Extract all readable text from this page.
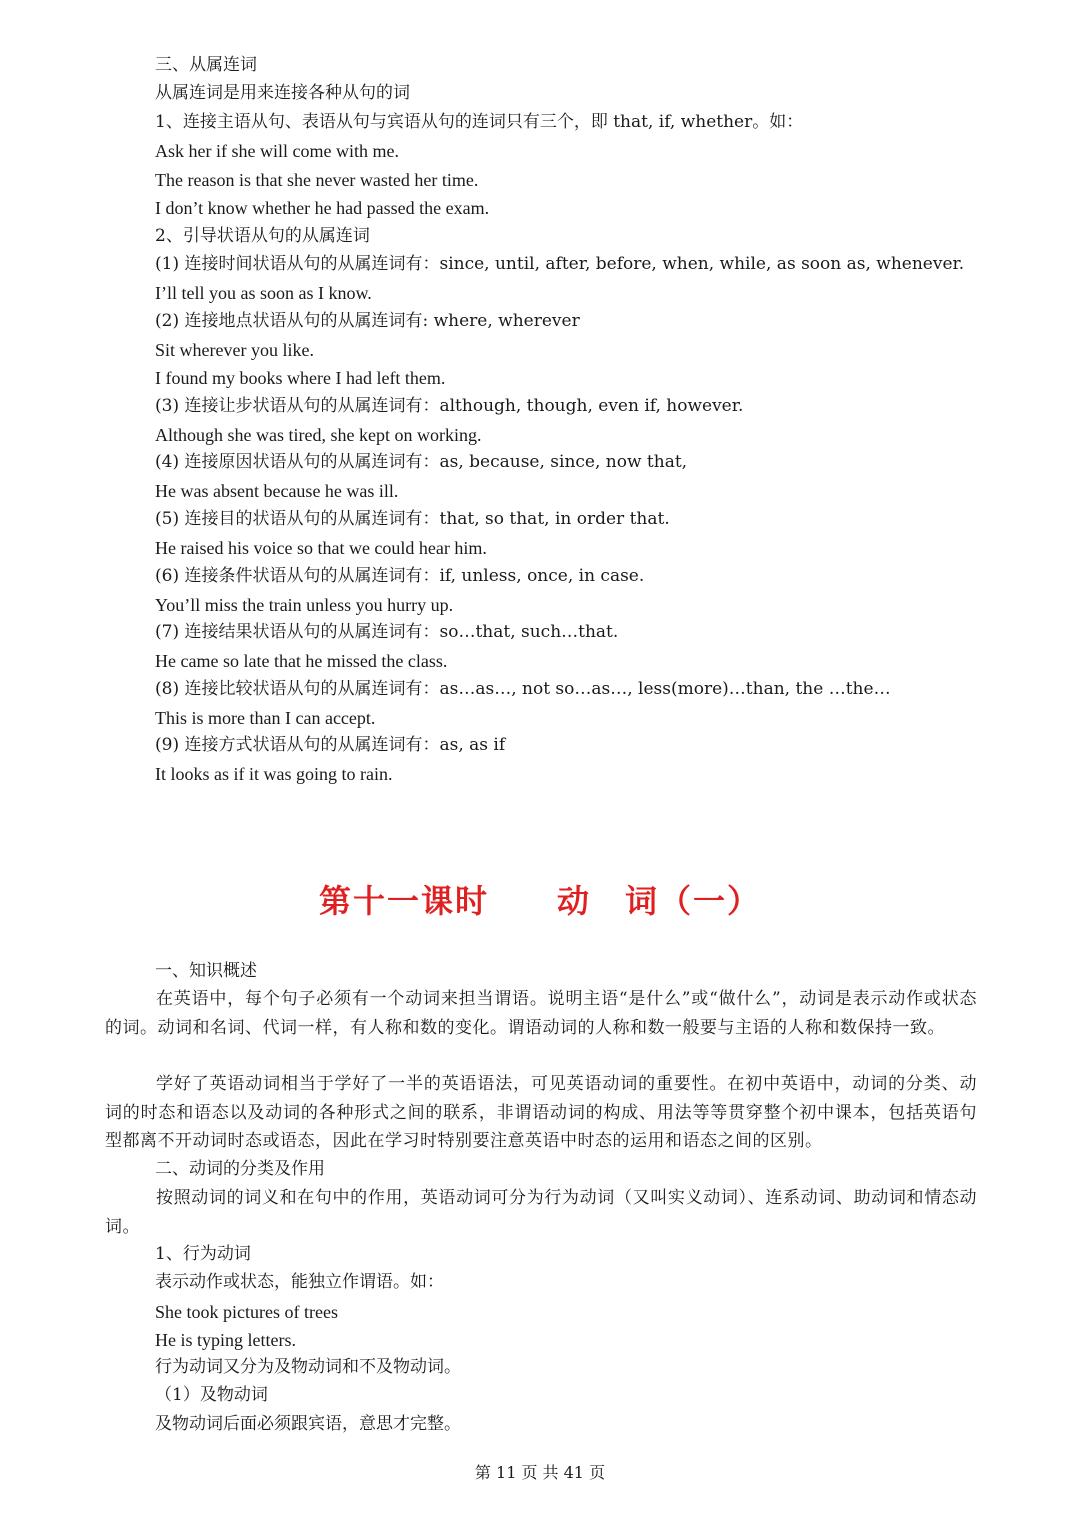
三、从属连词
从属连词是用来连接各种从句的词
1、连接主语从句、表语从句与宾语从句的连词只有三个，即 that, if, whether。如：
Ask her if she will come with me.
The reason is that she never wasted her time.
I don’t know whether he had passed the exam.
2、引导状语从句的从属连词
(1) 连接时间状语从句的从属连词有：since, until, after, before, when, while, as soon as, whenever.
I’ll tell you as soon as I know.
(2) 连接地点状语从句的从属连词有: where, wherever
Sit wherever you like.
I found my books where I had left them.
(3) 连接让步状语从句的从属连词有：although, though, even if, however.
Although she was tired, she kept on working.
(4) 连接原因状语从句的从属连词有：as, because, since, now that,
He was absent because he was ill.
(5) 连接目的状语从句的从属连词有：that, so that, in order that.
He raised his voice so that we could hear him.
(6) 连接条件状语从句的从属连词有：if, unless, once, in case.
You’ll miss the train unless you hurry up.
(7) 连接结果状语从句的从属连词有：so…that, such…that.
He came so late that he missed the class.
(8) 连接比较状语从句的从属连词有：as…as…, not so…as…, less(more)…than, the …the…
This is more than I can accept.
(9) 连接方式状语从句的从属连词有：as, as if
It looks as if it was going to rain.
第十一课时　　动　词（一）
一、知识概述
在英语中，每个句子必须有一个动词来担当谓语。说明主语“是什么”或“做什么”，动词是表示动作或状态的词。动词和名词、代词一样，有人称和数的变化。谓语动词的人称和数一般要与主语的人称和数保持一致。
学好了英语动词相当于学好了一半的英语语法，可见英语动词的重要性。在初中英语中，动词的分类、动词的时态和语态以及动词的各种形式之间的联系，非谓语动词的构成、用法等等贯穿整个初中课本，包括英语句型都离不开动词时态或语态，因此在学习时特别要注意英语中时态的运用和语态之间的区别。
二、动词的分类及作用
按照动词的词义和在句中的作用，英语动词可分为行为动词（又叫实义动词）、连系动词、助动词和情态动词。
1、行为动词
表示动作或状态，能独立作谓语。如：
She took pictures of trees
He is typing letters.
行为动词又分为及物动词和不及物动词。
（1）及物动词
及物动词后面必须跟宾语，意思才完整。
第 11 页 共 41 页
